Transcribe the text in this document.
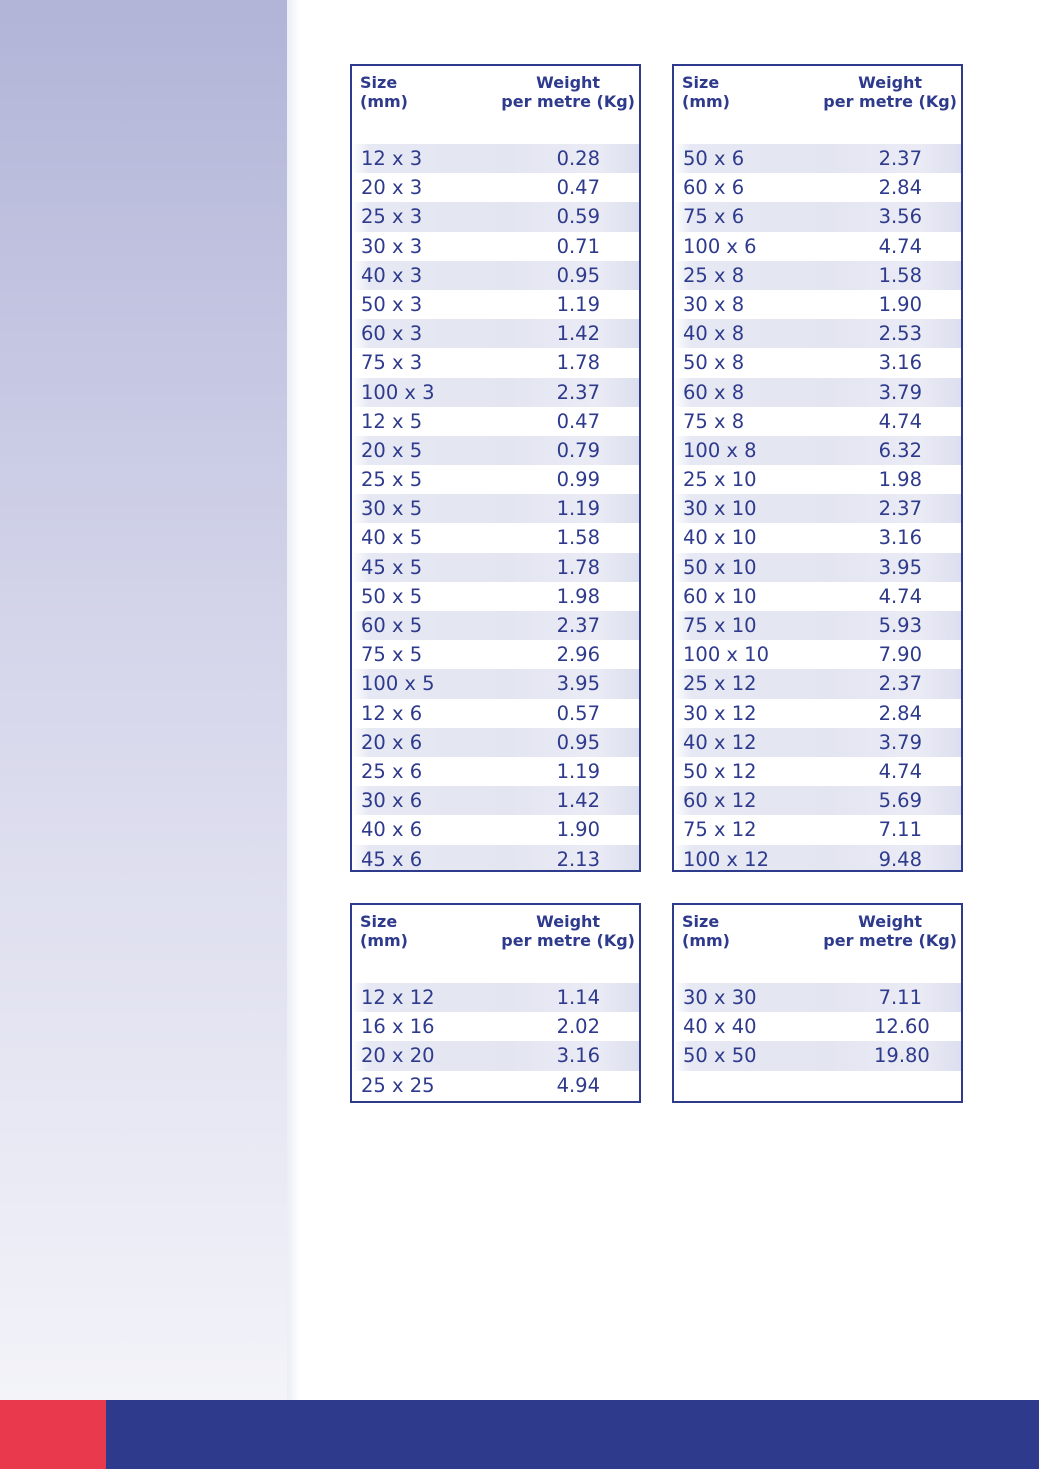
Size
(mm)
Weight
per metre (Kg)
12 x 3	0.28
20 x 3	0.47
25 x 3	0.59
30 x 3	0.71
40 x 3	0.95
50 x 3	1.19
60 x 3	1.42
75 x 3	1.78
100 x 3	2.37
12 x 5	0.47
20 x 5	0.79
25 x 5	0.99
30 x 5	1.19
40 x 5	1.58
45 x 5	1.78
50 x 5	1.98
60 x 5	2.37
75 x 5	2.96
100 x 5	3.95
12 x 6	0.57
20 x 6	0.95
25 x 6	1.19
30 x 6	1.42
40 x 6	1.90
45 x 6	2.13
Size
(mm)
Weight
per metre (Kg)
50 x 6	2.37
60 x 6	2.84
75 x 6	3.56
100 x 6	4.74
25 x 8	1.58
30 x 8	1.90
40 x 8	2.53
50 x 8	3.16
60 x 8	3.79
75 x 8	4.74
100 x 8	6.32
25 x 10	1.98
30 x 10	2.37
40 x 10	3.16
50 x 10	3.95
60 x 10	4.74
75 x 10	5.93
100 x 10	7.90
25 x 12	2.37
30 x 12	2.84
40 x 12	3.79
50 x 12	4.74
60 x 12	5.69
75 x 12	7.11
100 x 12	9.48
Size
(mm)
Weight
per metre (Kg)
12 x 12	1.14
16 x 16	2.02
20 x 20	3.16
25 x 25	4.94
Size
(mm)
Weight
per metre (Kg)
30 x 30	7.11
40 x 40	12.60
50 x 50	19.80
